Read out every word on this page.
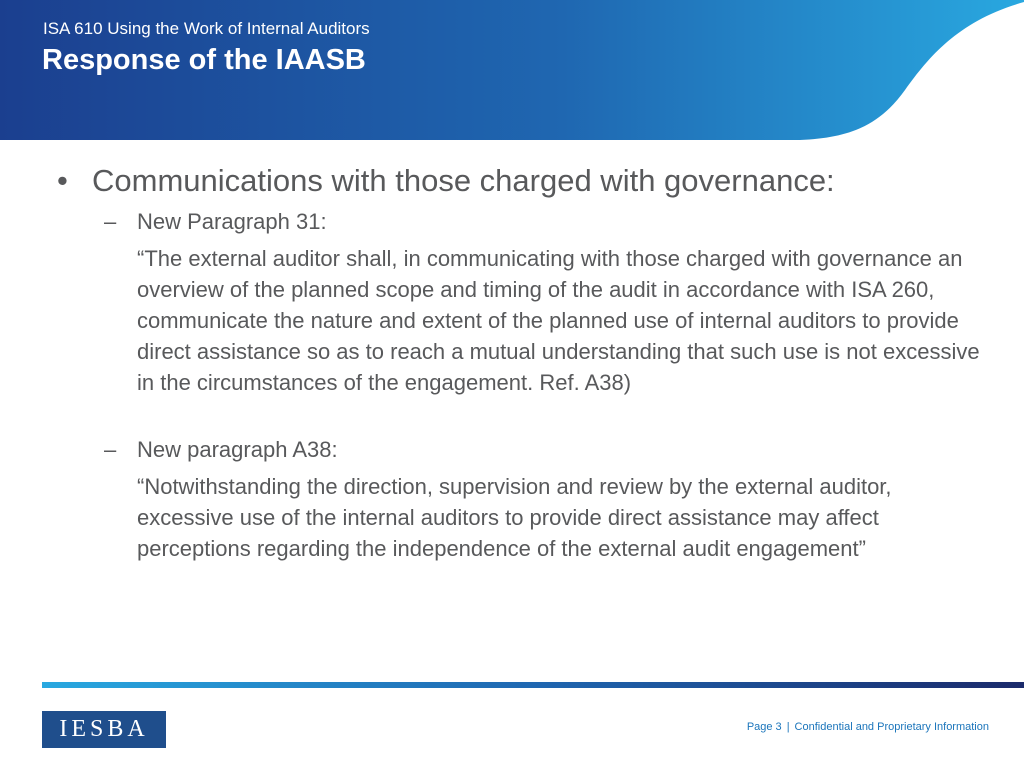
ISA 610 Using the Work of Internal Auditors
Response of the IAASB
• Communications with those charged with governance:
– New Paragraph 31:
“The external auditor shall, in communicating with those charged with governance an overview of the planned scope and timing of the audit in accordance with ISA 260, communicate the nature and extent of the planned use of internal auditors to provide direct assistance so as to reach a mutual understanding that such use is not excessive in the circumstances of the engagement. Ref. A38)
– New paragraph A38:
“Notwithstanding the direction, supervision and review by the external auditor, excessive use of the internal auditors to provide direct assistance may affect perceptions regarding the independence of the external audit engagement”
IESBA	Page 3 | Confidential and Proprietary Information
